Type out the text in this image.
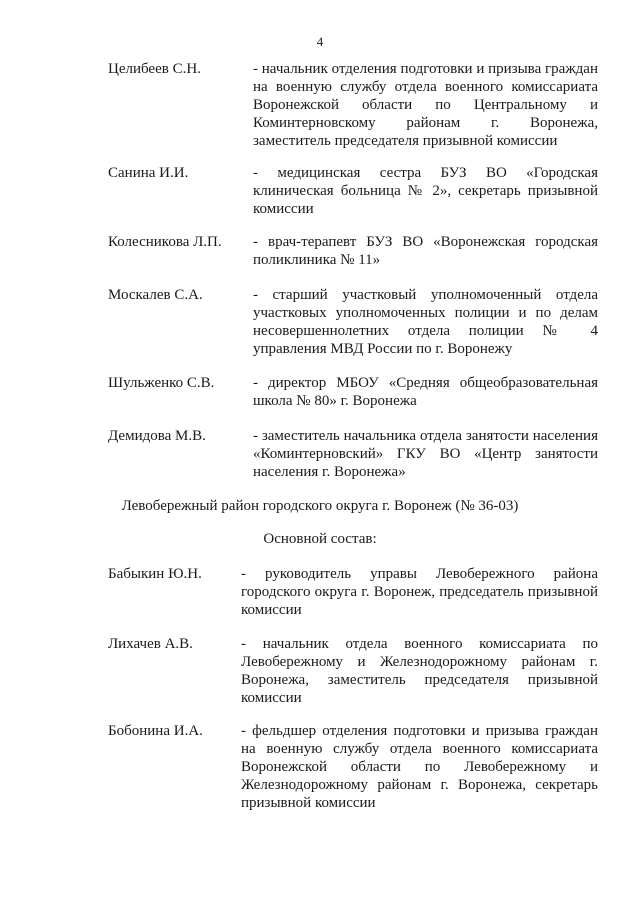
4
Целибеев С.Н.	- начальник отделения подготовки и призыва граждан на военную службу отдела военного комиссариата Воронежской области по Центральному и Коминтерновскому районам г. Воронежа, заместитель председателя призывной комиссии
Санина И.И.	- медицинская сестра БУЗ ВО «Городская клиническая больница № 2», секретарь призывной комиссии
Колесникова Л.П. - врач-терапевт БУЗ ВО «Воронежская городская поликлиника № 11»
Москалев С.А.	- старший участковый уполномоченный отдела участковых уполномоченных полиции и по делам несовершеннолетних отдела полиции № 4 управления МВД России по г. Воронежу
Шульженко С.В.	- директор МБОУ «Средняя общеобразовательная школа № 80» г. Воронежа
Демидова М.В.	- заместитель начальника отдела занятости населения «Коминтерновский» ГКУ ВО «Центр занятости населения г. Воронежа»
Левобережный район городского округа г. Воронеж (№ 36-03)
Основной состав:
Бабыкин Ю.Н.	- руководитель управы Левобережного района городского округа г. Воронеж, председатель призывной комиссии
Лихачев А.В.	- начальник отдела военного комиссариата по Левобережному и Железнодорожному районам г. Воронежа, заместитель председателя призывной комиссии
Бобонина И.А.	- фельдшер отделения подготовки и призыва граждан на военную службу отдела военного комиссариата Воронежской области по Левобережному и Железнодорожному районам г. Воронежа, секретарь призывной комиссии
